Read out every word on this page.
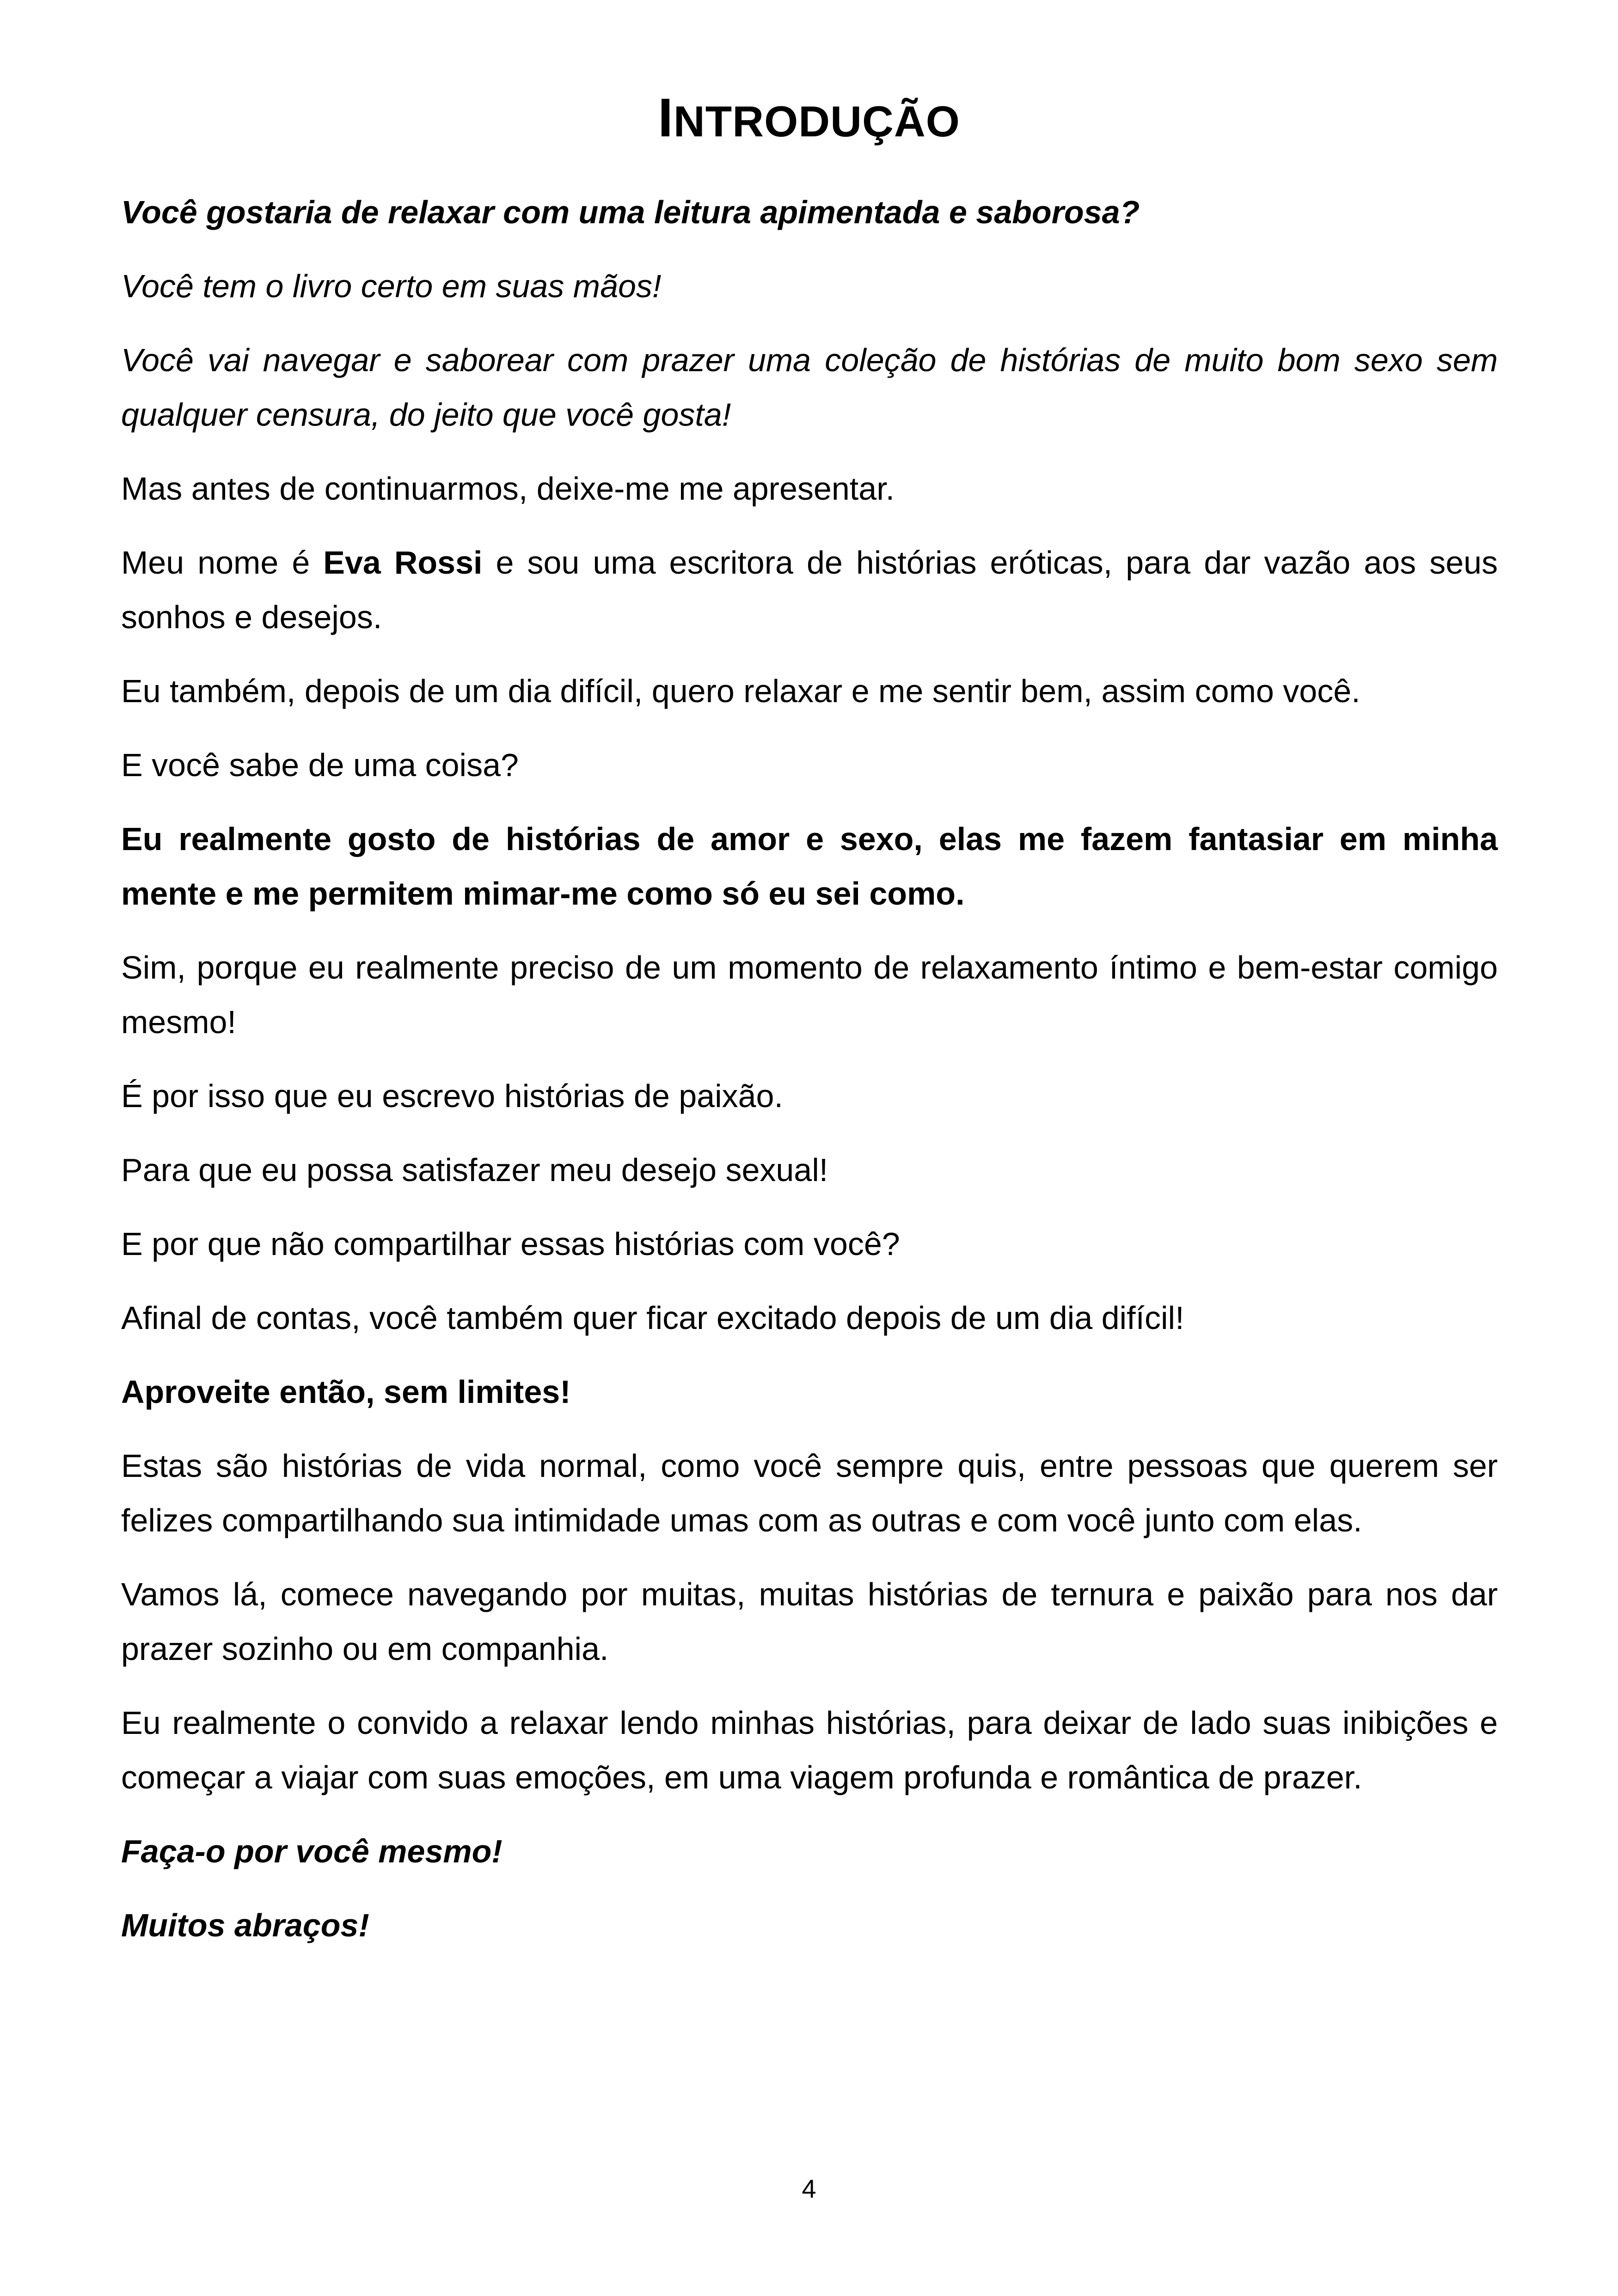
INTRODUÇÃO

Você gostaria de relaxar com uma leitura apimentada e saborosa?

Você tem o livro certo em suas mãos!

Você vai navegar e saborear com prazer uma coleção de histórias de muito bom sexo sem qualquer censura, do jeito que você gosta!

Mas antes de continuarmos, deixe-me me apresentar.

Meu nome é Eva Rossi e sou uma escritora de histórias eróticas, para dar vazão aos seus sonhos e desejos.

Eu também, depois de um dia difícil, quero relaxar e me sentir bem, assim como você.

E você sabe de uma coisa?

Eu realmente gosto de histórias de amor e sexo, elas me fazem fantasiar em minha mente e me permitem mimar-me como só eu sei como.

Sim, porque eu realmente preciso de um momento de relaxamento íntimo e bem-estar comigo mesmo!

É por isso que eu escrevo histórias de paixão.

Para que eu possa satisfazer meu desejo sexual!

E por que não compartilhar essas histórias com você?

Afinal de contas, você também quer ficar excitado depois de um dia difícil!

Aproveite então, sem limites!

Estas são histórias de vida normal, como você sempre quis, entre pessoas que querem ser felizes compartilhando sua intimidade umas com as outras e com você junto com elas.

Vamos lá, comece navegando por muitas, muitas histórias de ternura e paixão para nos dar prazer sozinho ou em companhia.

Eu realmente o convido a relaxar lendo minhas histórias, para deixar de lado suas inibições e começar a viajar com suas emoções, em uma viagem profunda e romântica de prazer.

Faça-o por você mesmo!

Muitos abraços!

4
